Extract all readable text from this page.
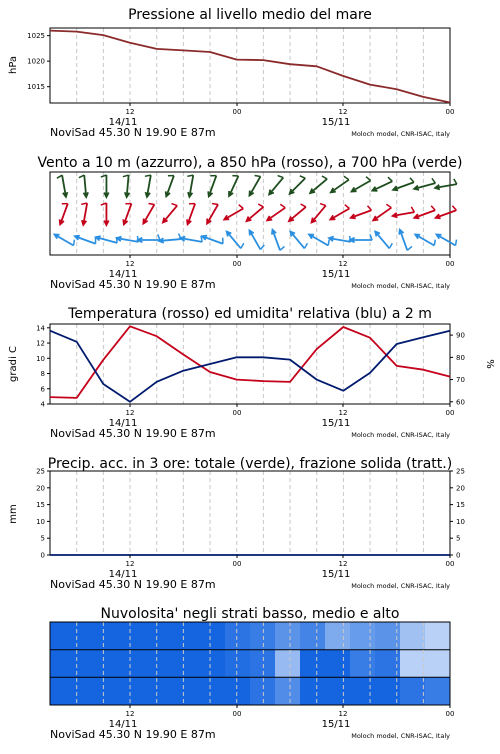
Pressione al livello medio del mare
hPa
1015
1020
1025
12	00	12	00
14/11	15/11
NoviSad 45.30 N 19.90 E 87m	Moloch model, CNR-ISAC, Italy
Vento a 10 m (azzurro), a 850 hPa (rosso), a 700 hPa (verde)
12	00	12	00
14/11	15/11
NoviSad 45.30 N 19.90 E 87m	Moloch model, CNR-ISAC, Italy
Temperatura (rosso) ed umidita' relativa (blu) a 2 m
gradi C	%
4
6
8
10
12
14
60
70
80
90
12	00	12	00
14/11	15/11
NoviSad 45.30 N 19.90 E 87m	Moloch model, CNR-ISAC, Italy
Precip. acc. in 3 ore: totale (verde), frazione solida (tratt.)
mm
0
5
10
15
20
25
0
5
10
15
20
25
12	00	12	00
14/11	15/11
NoviSad 45.30 N 19.90 E 87m	Moloch model, CNR-ISAC, Italy
Nuvolosita' negli strati basso, medio e alto
12	00	12	00
14/11	15/11
NoviSad 45.30 N 19.90 E 87m	Moloch model, CNR-ISAC, Italy
